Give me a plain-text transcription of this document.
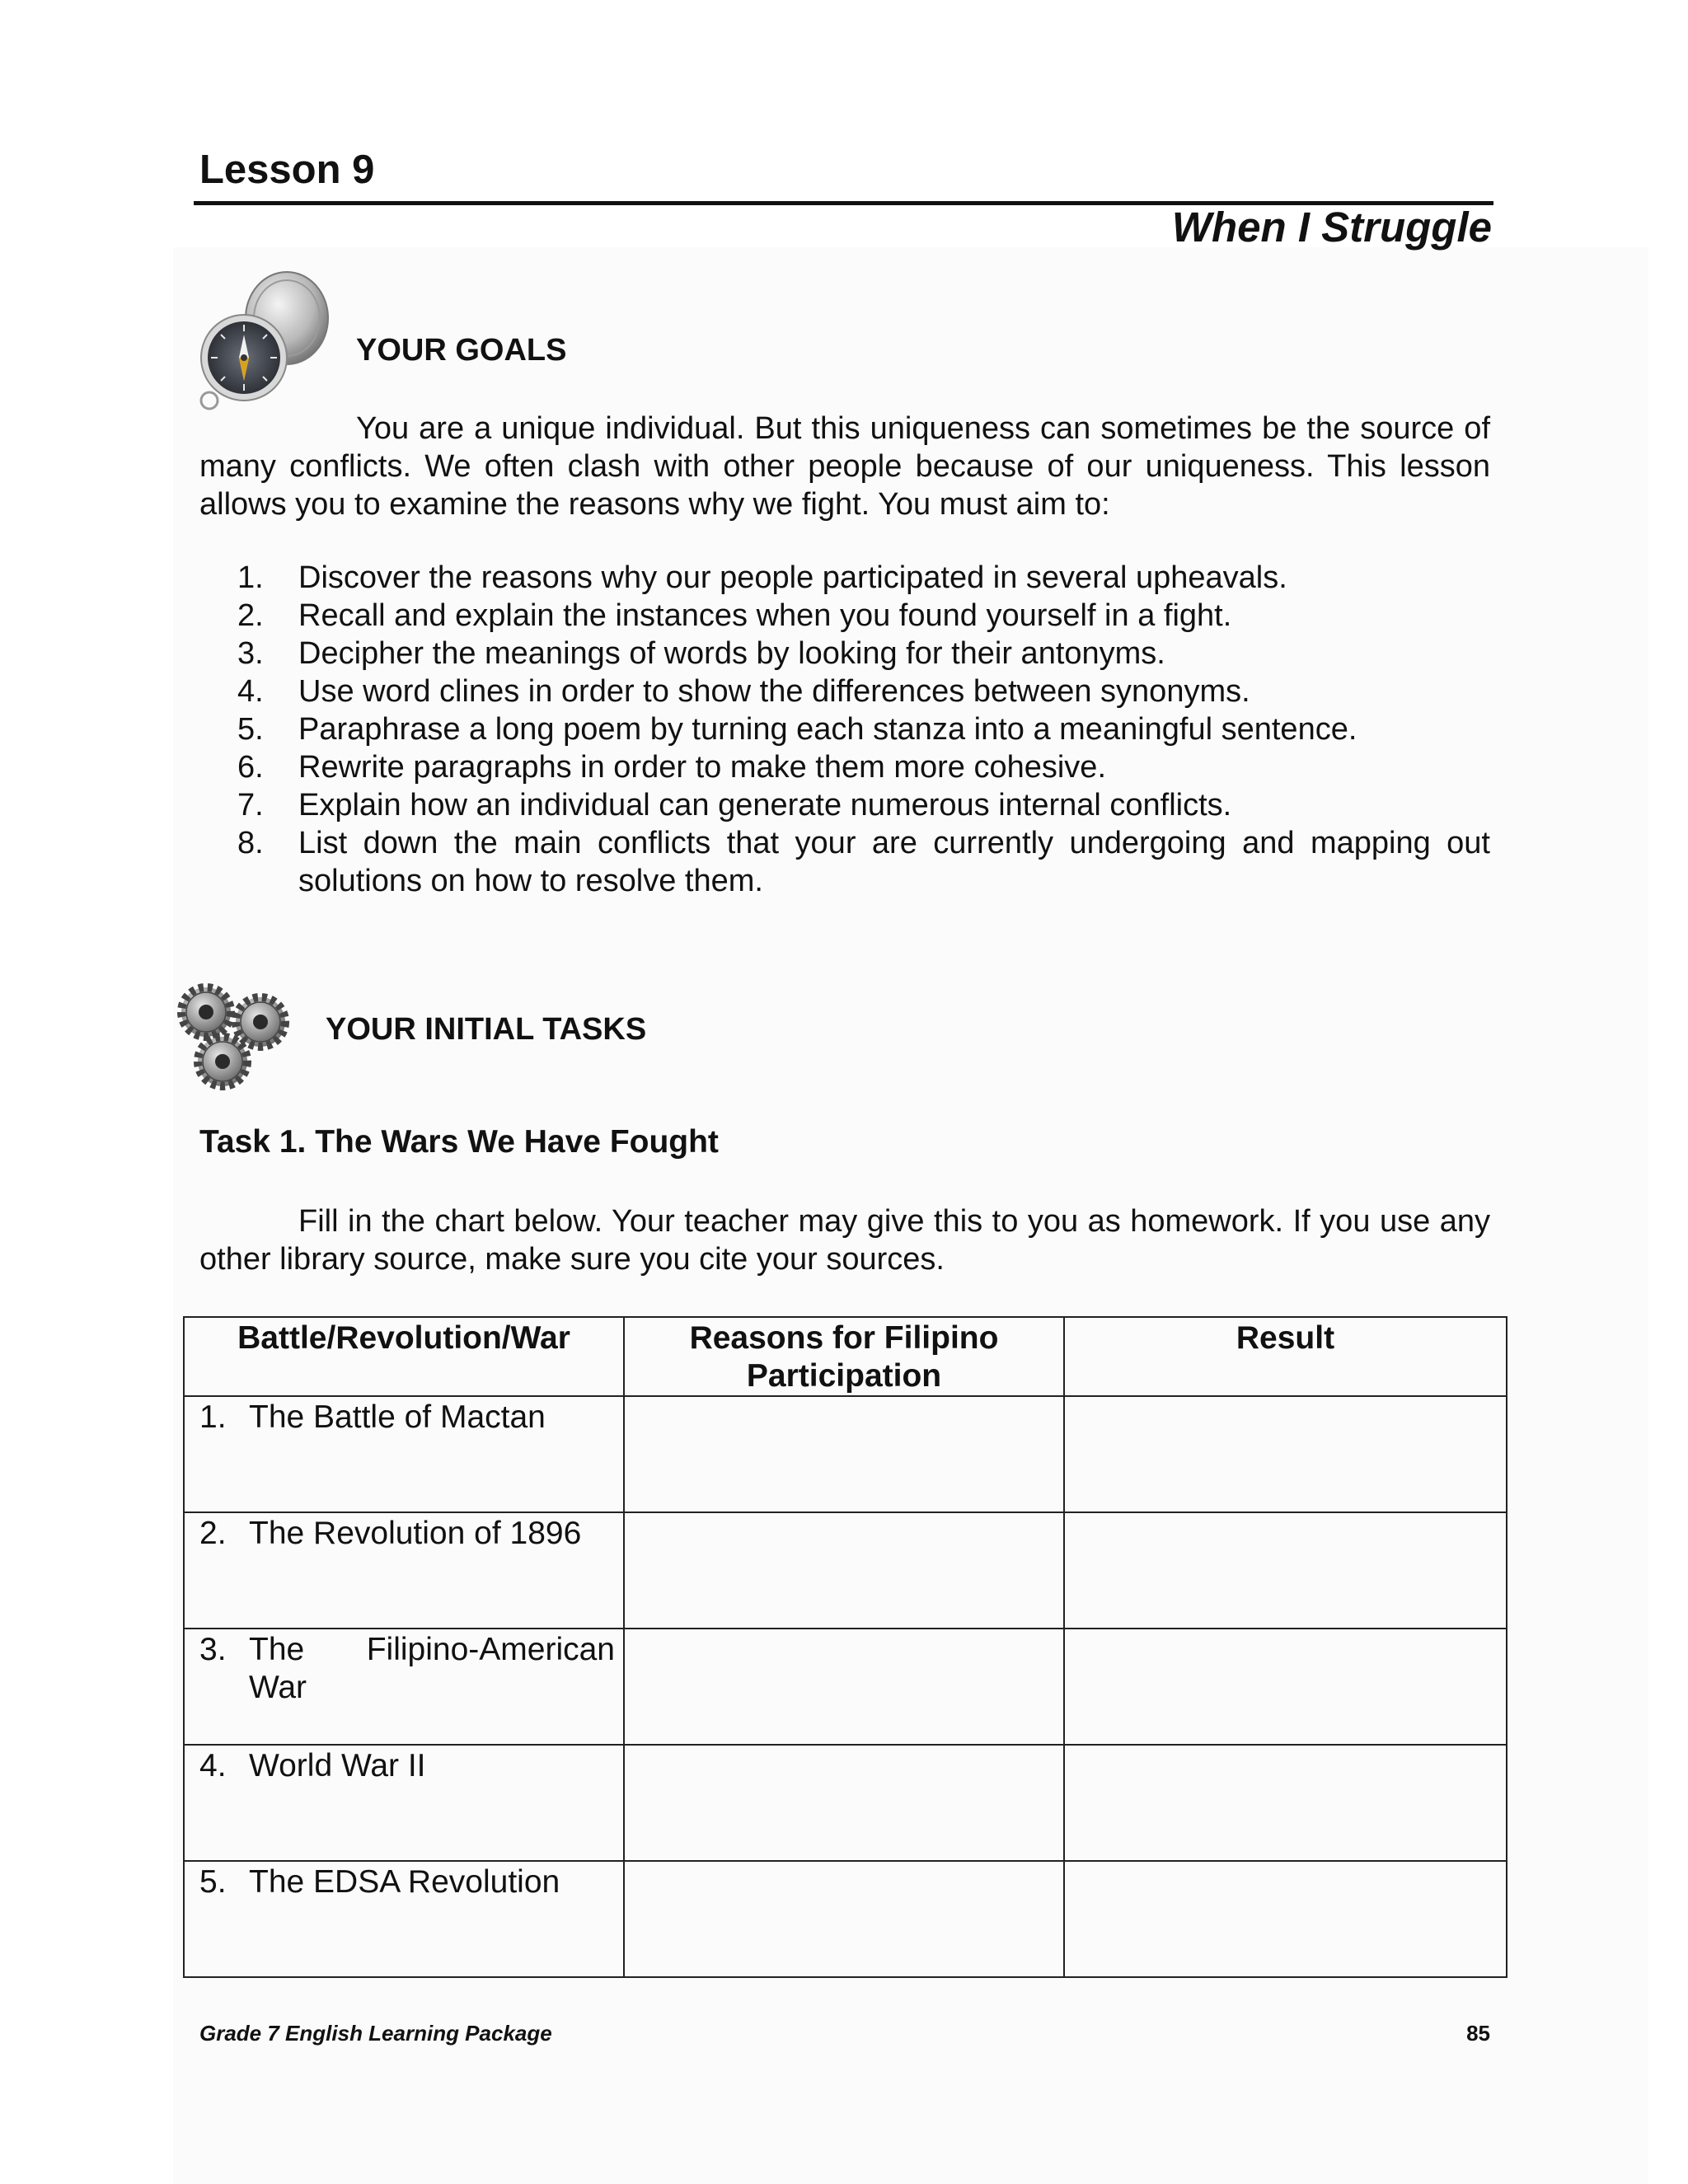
Lesson 9
When I Struggle
YOUR GOALS

You are a unique individual. But this uniqueness can sometimes be the source of many conflicts. We often clash with other people because of our uniqueness. This lesson allows you to examine the reasons why we fight. You must aim to:

1.	Discover the reasons why our people participated in several upheavals.
2.	Recall and explain the instances when you found yourself in a fight.
3.	Decipher the meanings of words by looking for their antonyms.
4.	Use word clines in order to show the differences between synonyms.
5.	Paraphrase a long poem by turning each stanza into a meaningful sentence.
6.	Rewrite paragraphs in order to make them more cohesive.
7.	Explain how an individual can generate numerous internal conflicts.
8.	List down the main conflicts that your are currently undergoing and mapping out solutions on how to resolve them.
YOUR INITIAL TASKS
Task 1. The Wars We Have Fought

Fill in the chart below. Your teacher may give this to you as homework. If you use any other library source, make sure you cite your sources.

Battle/Revolution/War	Reasons for Filipino Participation	Result

1. The Battle of Mactan		

2. The Revolution of 1896		

3. The Filipino-American War		

4. World War II		

5. The EDSA Revolution		

Grade 7 English Learning Package	85
